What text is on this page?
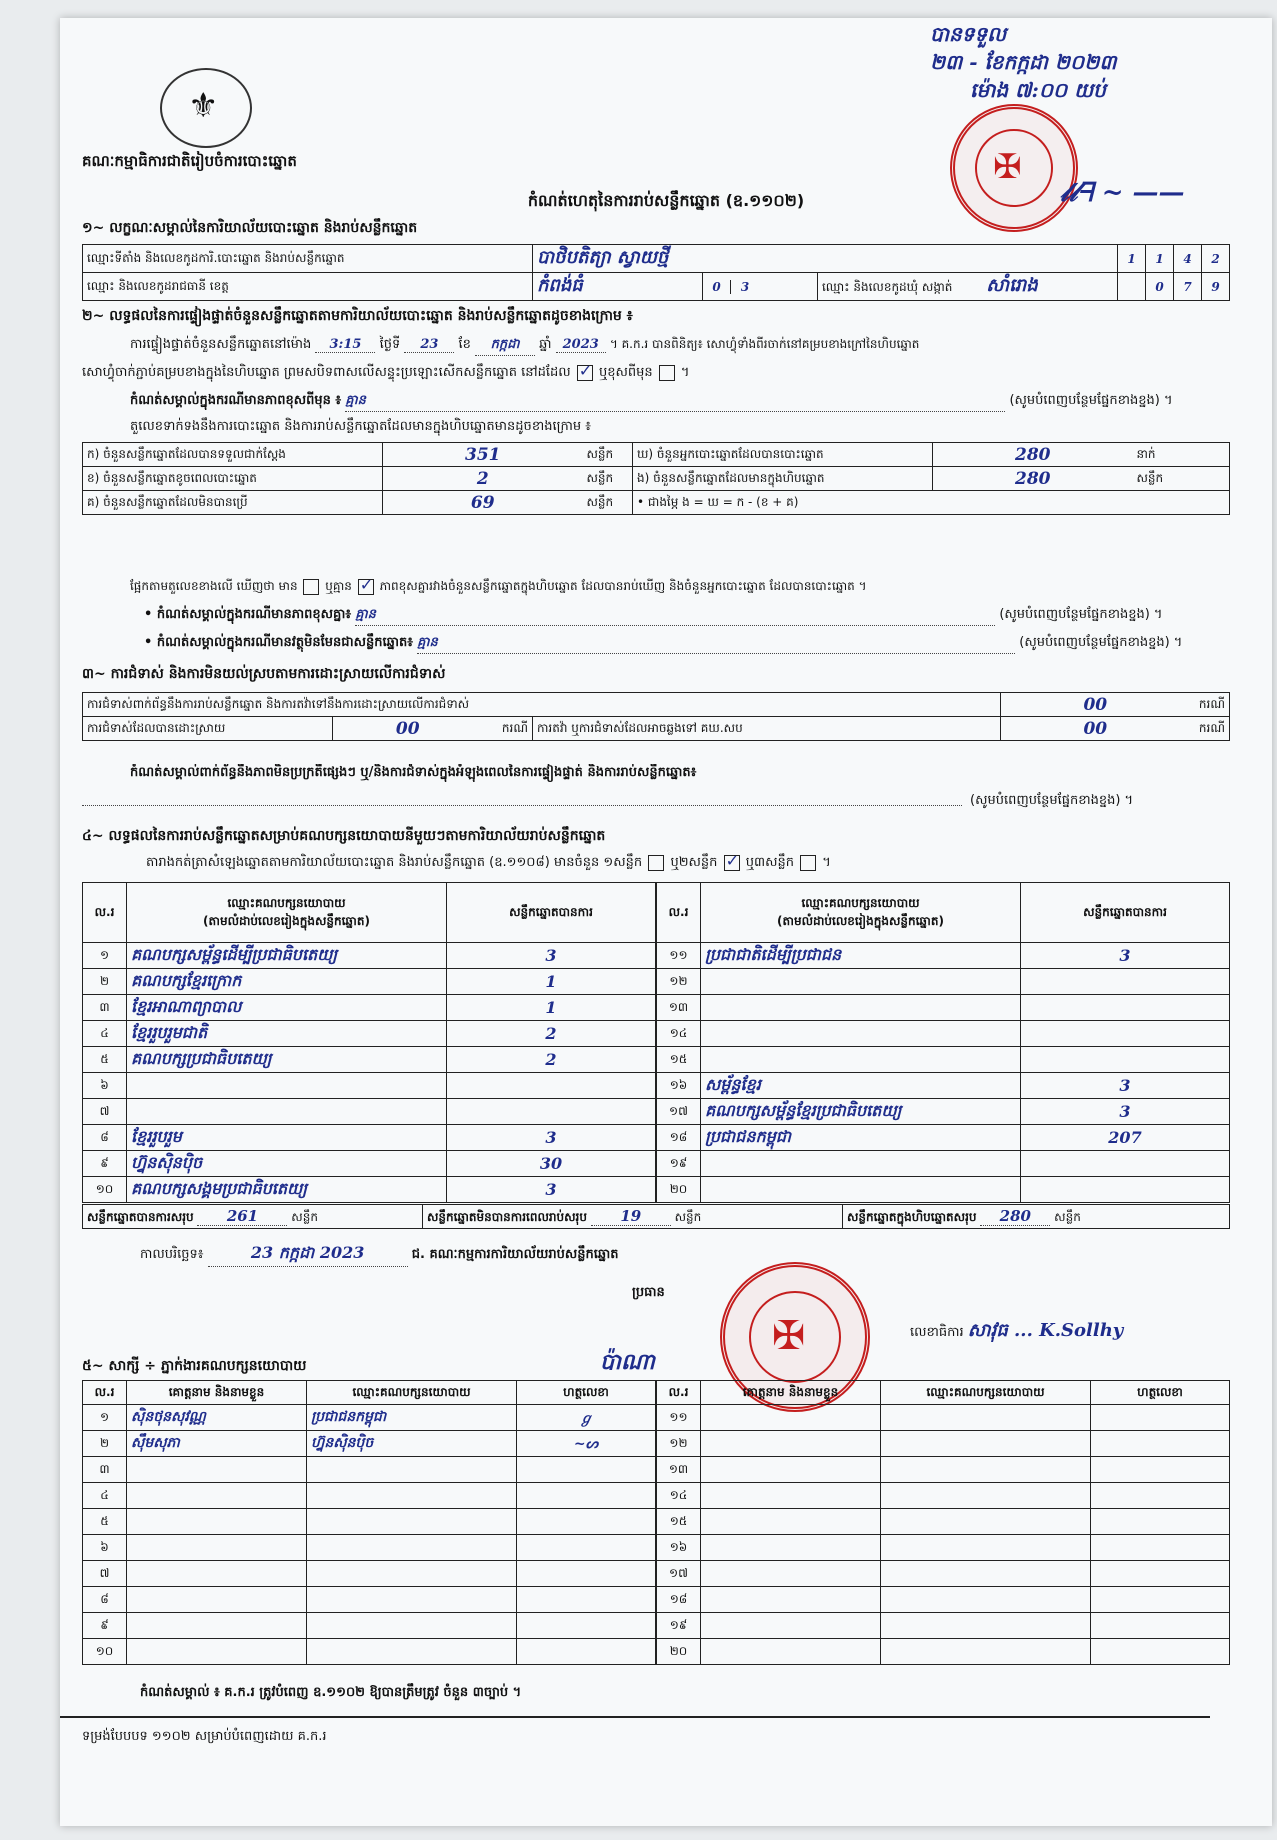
បានទទួល
២៣ - ខែកក្កដា ២០២៣
ម៉ោង ៧:០០ យប់
✠
𝓁𝓁ᖷ ~ ——
⚜
គណៈកម្មាធិការជាតិរៀបចំការបោះឆ្នោត
កំណត់ហេតុនៃការរាប់សន្លឹកឆ្នោត (ឧ.១១០២)
១~ លក្ខណៈសម្គាល់នៃការិយាល័យបោះឆ្នោត និងរាប់សន្លឹកឆ្នោត
ឈ្មោះទីតាំង និងលេខកូដការិ.បោះឆ្នោត និងរាប់សន្លឹកឆ្នោត	បាថិបតិត្យា ស្វាយថ្មី			1	1	4	2
ឈ្មោះ និងលេខកូដរាជធានី ខេត្ត	កំពង់ធំ	0 3	ឈ្មោះ និងលេខកូដឃុំ សង្កាត់ សាំរោង		0	7	9
២~ លទ្ធផលនៃការផ្ទៀងផ្ទាត់ចំនួនសន្លឹកឆ្នោតតាមការិយាល័យបោះឆ្នោត និងរាប់សន្លឹកឆ្នោតដូចខាងក្រោម ៖
ការផ្ទៀងផ្ទាត់ចំនួនសន្លឹកឆ្នោតនៅម៉ោង 3:15 ថ្ងៃទី 23 ខែ កក្កដា ឆ្នាំ 2023 ។ គ.ក.រ បានពិនិត្យ៖ សោហ្វុំទាំងពីរចាក់នៅគម្របខាងក្រៅនៃហិបឆ្នោត
សោហ្វុំចាក់ភ្ជាប់គម្របខាងក្នុងនៃហិបឆ្នោត ព្រមសបិទពាសលើសន្ទុះប្រឡោះសើកសន្លឹកឆ្នោត នៅដដែល ✓ ឬខុសពីមុន ។
កំណត់សម្គាល់ក្នុងករណីមានភាពខុសពីមុន ៖ គ្មាន	(សូមបំពេញបន្ថែមផ្នែកខាងខ្នង) ។
តួលេខទាក់ទងនឹងការបោះឆ្នោត និងការរាប់សន្លឹកឆ្នោតដែលមានក្នុងហិបឆ្នោតមានដូចខាងក្រោម ៖
ក) ចំនួនសន្លឹកឆ្នោតដែលបានទទួលជាក់ស្តែង	351	សន្លឹក	ឃ) ចំនួនអ្នកបោះឆ្នោតដែលបានបោះឆ្នោត	280	នាក់
ខ) ចំនួនសន្លឹកឆ្នោតខូចពេលបោះឆ្នោត	2	សន្លឹក	ង) ចំនួនសន្លឹកឆ្នោតដែលមានក្នុងហិបឆ្នោត	280	សន្លឹក
គ) ចំនួនសន្លឹកឆ្នោតដែលមិនបានប្រើ	69	សន្លឹក	• ជាងម្ភៃ ង = ឃ = ក - (ខ + គ)		
ផ្អែកតាមតួលេខខាងលើ ឃើញថា មាន ឬគ្មាន ✓ ភាពខុសគ្នារវាងចំនួនសន្លឹកឆ្នោតក្នុងហិបឆ្នោត ដែលបានរាប់ឃើញ និងចំនួនអ្នកបោះឆ្នោត ដែលបានបោះឆ្នោត ។
• កំណត់សម្គាល់ក្នុងករណីមានភាពខុសគ្នា៖ គ្មាន	(សូមបំពេញបន្ថែមផ្នែកខាងខ្នង) ។
• កំណត់សម្គាល់ក្នុងករណីមានវត្ថុមិនមែនជាសន្លឹកឆ្នោត៖ គ្មាន	(សូមបំពេញបន្ថែមផ្នែកខាងខ្នង) ។
៣~ ការជំទាស់ និងការមិនយល់ស្របតាមការដោះស្រាយលើការជំទាស់
ការជំទាស់ពាក់ព័ន្ធនឹងការរាប់សន្លឹកឆ្នោត និងការតវ៉ាទៅនឹងការដោះស្រាយលើការជំទាស់				00	ករណី
ការជំទាស់ដែលបានដោះស្រាយ	00	ករណី	ការតវ៉ា ឬការជំទាស់ដែលអាចឆ្លងទៅ គឃ.សប	00	ករណី
កំណត់សម្គាល់ពាក់ព័ន្ធនឹងភាពមិនប្រក្រតីផ្សេងៗ ឬ/និងការជំទាស់ក្នុងអំឡុងពេលនៃការផ្ទៀងផ្ទាត់ និងការរាប់សន្លឹកឆ្នោត៖
(សូមបំពេញបន្ថែមផ្នែកខាងខ្នង) ។
៤~ លទ្ធផលនៃការរាប់សន្លឹកឆ្នោតសម្រាប់គណបក្សនយោបាយនីមួយៗតាមការិយាល័យរាប់សន្លឹកឆ្នោត
តារាងកត់ត្រាសំឡេងឆ្នោតតាមការិយាល័យបោះឆ្នោត និងរាប់សន្លឹកឆ្នោត (ឧ.១១០៨) មានចំនួន ១សន្លឹក ឬ២សន្លឹក ✓ ឬ៣សន្លឹក ។
ល.រ	ឈ្មោះគណបក្សនយោបាយ
(តាមលំដាប់លេខរៀងក្នុងសន្លឹកឆ្នោត)	សន្លឹកឆ្នោតបានការ
១	គណបក្សសម្ព័ន្ធដើម្បីប្រជាធិបតេយ្យ	3
២	គណបក្សខ្មែរក្រោក	1
៣	ខ្មែរអាណាព្យាបាល	1
៤	ខ្មែររួបរួមជាតិ	2
៥	គណបក្សប្រជាធិបតេយ្យ	2
៦		
៧		
៨	ខ្មែររួបរួម	3
៩	ហ្វ៊ុនស៊ិនប៉ិច	30
១០	គណបក្សសង្គមប្រជាធិបតេយ្យ	3
ល.រ	ឈ្មោះគណបក្សនយោបាយ
(តាមលំដាប់លេខរៀងក្នុងសន្លឹកឆ្នោត)	សន្លឹកឆ្នោតបានការ
១១	ប្រជាជាតិដើម្បីប្រជាជន	3
១២		
១៣		
១៤		
១៥		
១៦	សម្ព័ន្ធខ្មែរ	3
១៧	គណបក្សសម្ព័ន្ធខ្មែរប្រជាធិបតេយ្យ	3
១៨	ប្រជាជនកម្ពុជា	207
១៩		
២០		
សន្លឹកឆ្នោតបានការសរុប 261	សន្លឹក	សន្លឹកឆ្នោតមិនបានការពេលរាប់សរុប 19	សន្លឹក	សន្លឹកឆ្នោតក្នុងហិបឆ្នោតសរុប 280 សន្លឹក
កាលបរិច្ឆេទ៖	23 កក្កដា 2023	ជ. គណៈកម្មការការិយាល័យរាប់សន្លឹកឆ្នោត
ប្រធាន
ប៉ាណា
✠	លេខាធិការ សាវុធ ... K.Sollhy
៥~ សាក្សី ÷ ភ្នាក់ងារគណបក្សនយោបាយ
ល.រ	គោត្តនាម និងនាមខ្លួន	ឈ្មោះគណបក្សនយោបាយ	ហត្ថលេខា
១	ស៊ិនថុនសុវណ្ណ	ប្រជាជនកម្ពុជា	ℊ
២	ស៊ឹមសុភា	ហ្វ៊ុនស៊ិនប៉ិច	~ᔕ
៣			
៤			
៥			
៦			
៧			
៨			
៩			
១០			
ល.រ	គោត្តនាម និងនាមខ្លួន	ឈ្មោះគណបក្សនយោបាយ	ហត្ថលេខា
១១			
១២			
១៣			
១៤			
១៥			
១៦			
១៧			
១៨			
១៩			
២០			
កំណត់សម្គាល់ ៖ គ.ក.រ ត្រូវបំពេញ ឧ.១១០២ ឱ្យបានត្រឹមត្រូវ ចំនួន ៣ច្បាប់ ។
ទម្រង់បែបបទ ១១០២ សម្រាប់បំពេញដោយ គ.ក.រ
